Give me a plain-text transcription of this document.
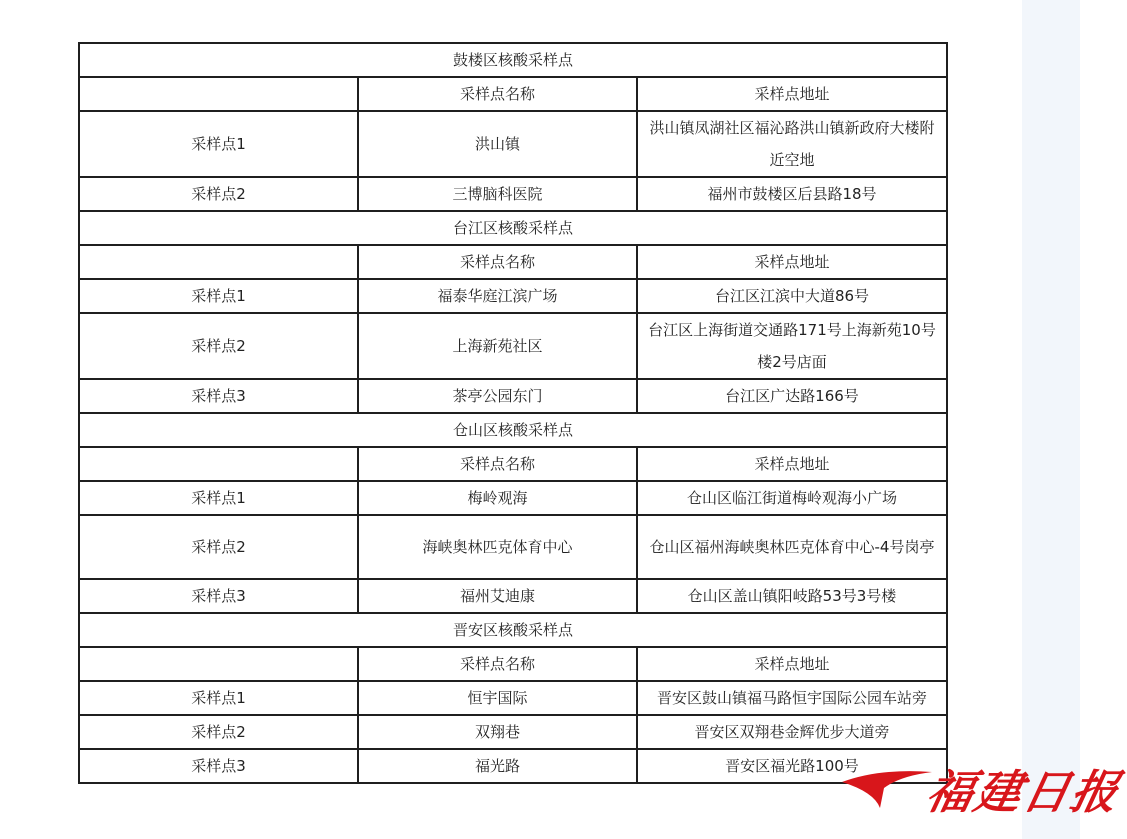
鼓楼区核酸采样点		
	采样点名称	采样点地址
采样点1	洪山镇	洪山镇凤湖社区福沁路洪山镇新政府大楼附近空地
采样点2	三博脑科医院	福州市鼓楼区后县路18号
台江区核酸采样点		
	采样点名称	采样点地址
采样点1	福泰华庭江滨广场	台江区江滨中大道86号
采样点2	上海新苑社区	台江区上海街道交通路171号上海新苑10号楼2号店面
采样点3	茶亭公园东门	台江区广达路166号
仓山区核酸采样点		
	采样点名称	采样点地址
采样点1	梅岭观海	仓山区临江街道梅岭观海小广场
采样点2	海峡奥林匹克体育中心	仓山区福州海峡奥林匹克体育中心-4号岗亭
采样点3	福州艾迪康	仓山区盖山镇阳岐路53号3号楼
晋安区核酸采样点		
	采样点名称	采样点地址
采样点1	恒宇国际	晋安区鼓山镇福马路恒宇国际公园车站旁
采样点2	双翔巷	晋安区双翔巷金辉优步大道旁
采样点3	福光路	晋安区福光路100号 福建日报
